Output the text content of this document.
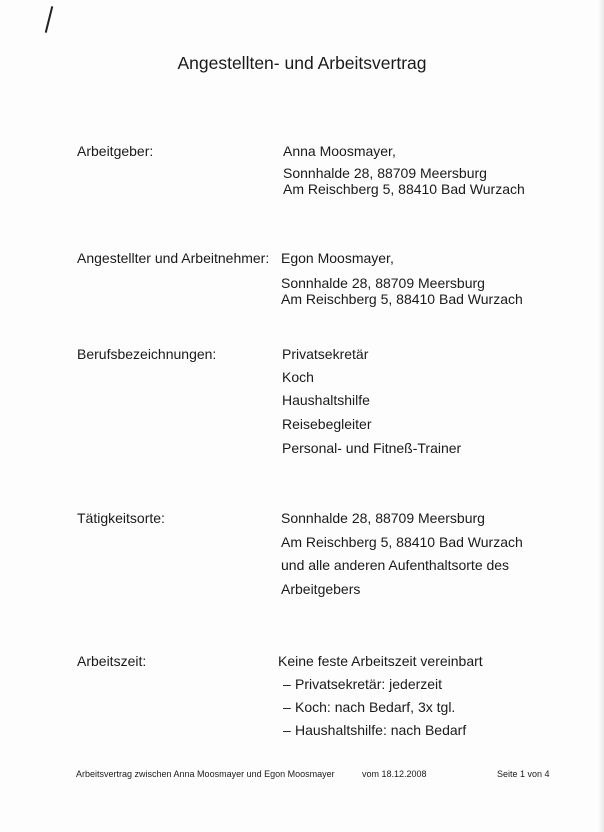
Angestellten- und Arbeitsvertrag
Arbeitgeber:	Anna Moosmayer,
Sonnhalde 28, 88709 Meersburg
Am Reischberg 5, 88410 Bad Wurzach
Angestellter und Arbeitnehmer: Egon Moosmayer,
Sonnhalde 28, 88709 Meersburg
Am Reischberg 5, 88410 Bad Wurzach
Berufsbezeichnungen:	Privatsekretär
Koch
Haushaltshilfe
Reisebegleiter
Personal- und Fitneß-Trainer
Tätigkeitsorte:	Sonnhalde 28, 88709 Meersburg
Am Reischberg 5, 88410 Bad Wurzach
und alle anderen Aufenthaltsorte des
Arbeitgebers
Arbeitszeit:	Keine feste Arbeitszeit vereinbart
– Privatsekretär: jederzeit
– Koch: nach Bedarf, 3x tgl.
– Haushaltshilfe: nach Bedarf
Arbeitsvertrag zwischen Anna Moosmayer und Egon Moosmayer	vom 18.12.2008	Seite 1 von 4
